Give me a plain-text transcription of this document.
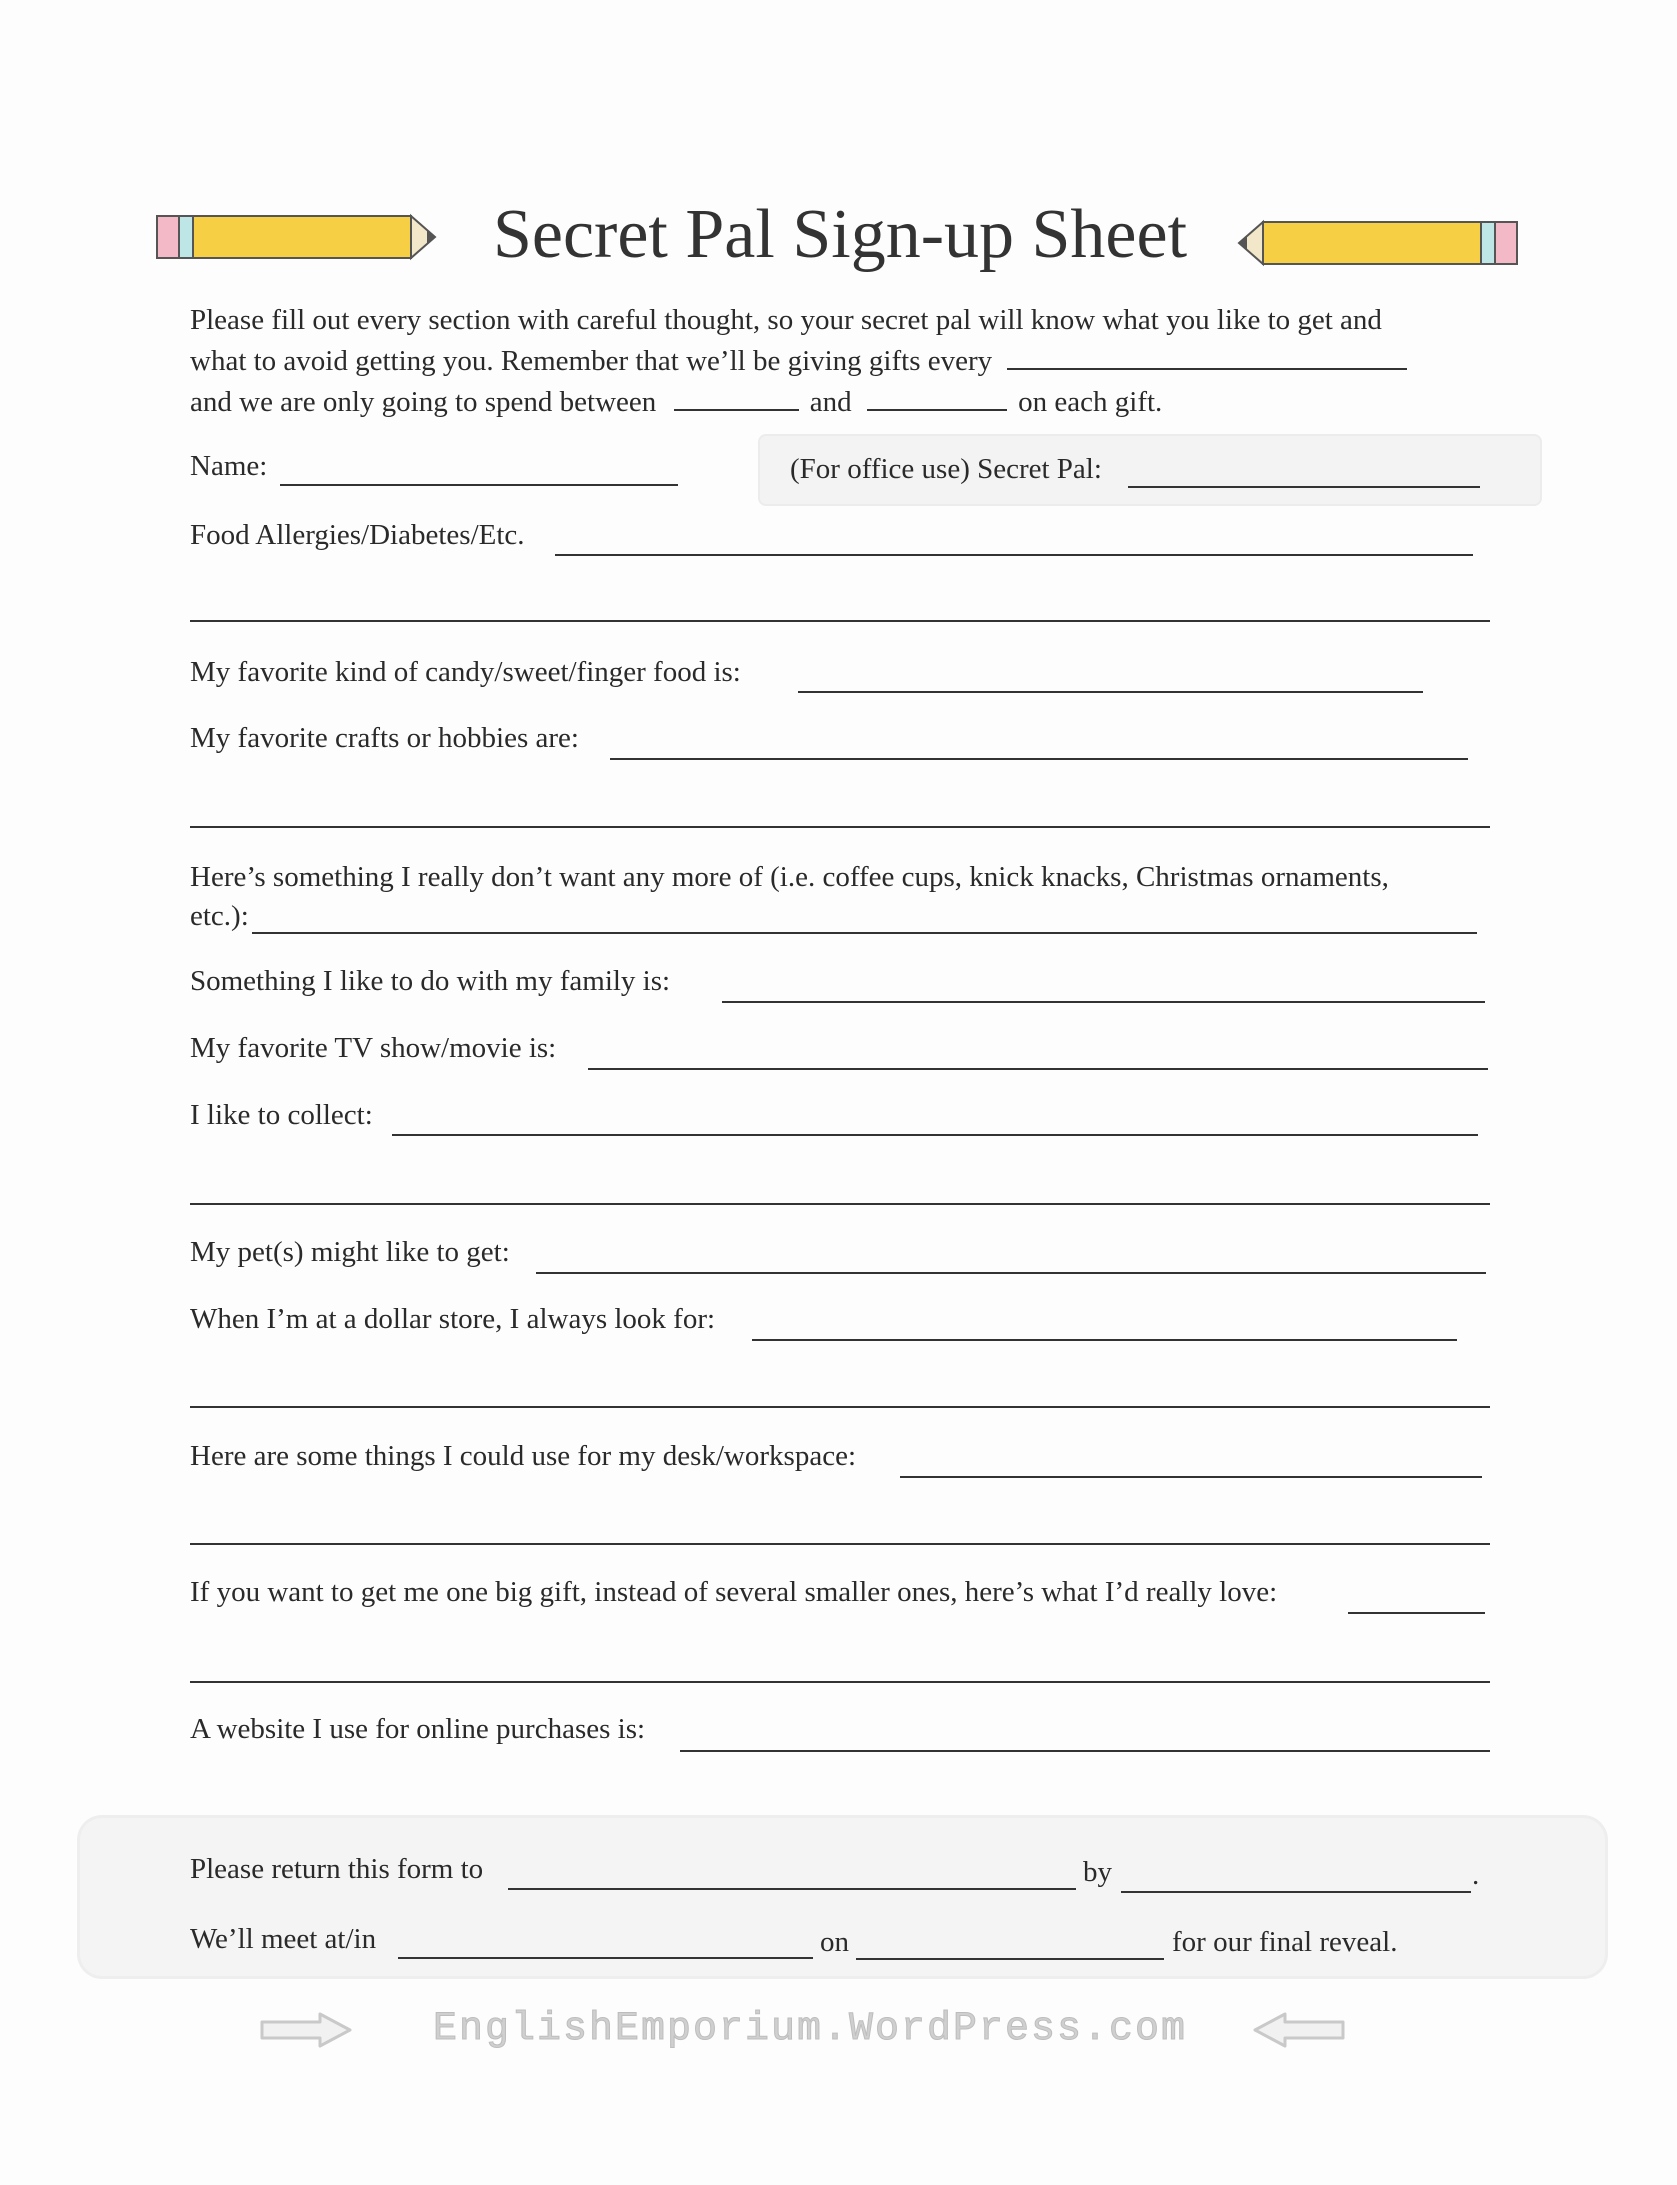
Secret Pal Sign-up Sheet
Please fill out every section with careful thought, so your secret pal will know what you like to get and
what to avoid getting you. Remember that we’ll be giving gifts every
and we are only going to spend between	and	on each gift.
Name:	(For office use) Secret Pal:
Food Allergies/Diabetes/Etc.
My favorite kind of candy/sweet/finger food is:
My favorite crafts or hobbies are:
Here’s something I really don’t want any more of (i.e. coffee cups, knick knacks, Christmas ornaments,
etc.):
Something I like to do with my family is:
My favorite TV show/movie is:
I like to collect:
My pet(s) might like to get:
When I’m at a dollar store, I always look for:
Here are some things I could use for my desk/workspace:
If you want to get me one big gift, instead of several smaller ones, here’s what I’d really love:
A website I use for online purchases is:
Please return this form to	by	.
We’ll meet at/in	on	for our final reveal.
EnglishEmporium.WordPress.com
